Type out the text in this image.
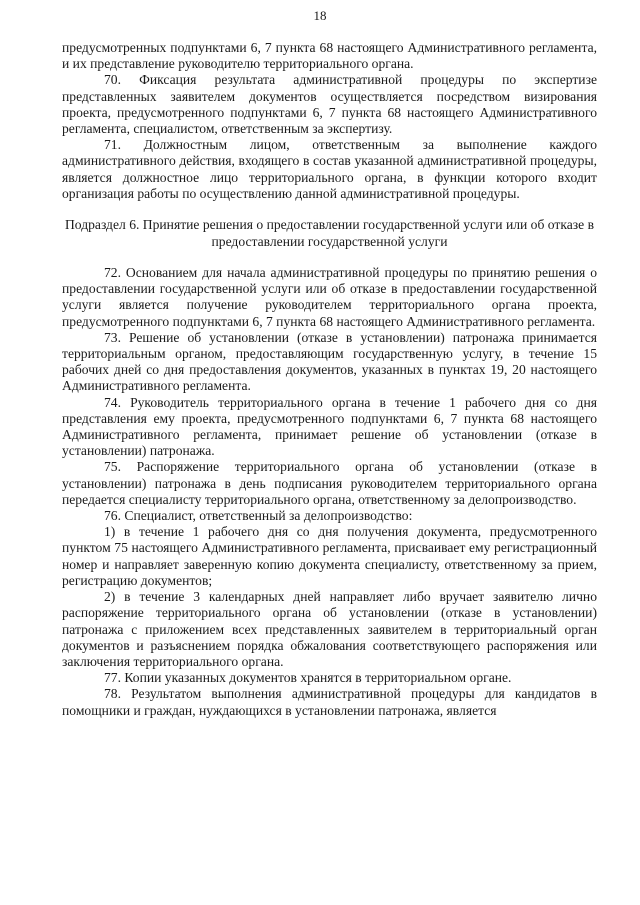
18

предусмотренных подпунктами 6, 7 пункта 68 настоящего Административного регламента, и их представление руководителю территориального органа.

70. Фиксация результата административной процедуры по экспертизе представленных заявителем документов осуществляется посредством визирования проекта, предусмотренного подпунктами 6, 7 пункта 68 настоящего Административного регламента, специалистом, ответственным за экспертизу.

71. Должностным лицом, ответственным за выполнение каждого административного действия, входящего в состав указанной административной процедуры, является должностное лицо территориального органа, в функции которого входит организация работы по осуществлению данной административной процедуры.

Подраздел 6. Принятие решения о предоставлении государственной услуги или об отказе в предоставлении государственной услуги

72. Основанием для начала административной процедуры по принятию решения о предоставлении государственной услуги или об отказе в предоставлении государственной услуги является получение руководителем территориального органа проекта, предусмотренного подпунктами 6, 7 пункта 68 настоящего Административного регламента.

73. Решение об установлении (отказе в установлении) патронажа принимается территориальным органом, предоставляющим государственную услугу, в течение 15 рабочих дней со дня предоставления документов, указанных в пунктах 19, 20 настоящего Административного регламента.

74. Руководитель территориального органа в течение 1 рабочего дня со дня представления ему проекта, предусмотренного подпунктами 6, 7 пункта 68 настоящего Административного регламента, принимает решение об установлении (отказе в установлении) патронажа.

75. Распоряжение территориального органа об установлении (отказе в установлении) патронажа в день подписания руководителем территориального органа передается специалисту территориального органа, ответственному за делопроизводство.

76. Специалист, ответственный за делопроизводство:

1) в течение 1 рабочего дня со дня получения документа, предусмотренного пунктом 75 настоящего Административного регламента, присваивает ему регистрационный номер и направляет заверенную копию документа специалисту, ответственному за прием, регистрацию документов;

2) в течение 3 календарных дней направляет либо вручает заявителю лично распоряжение территориального органа об установлении (отказе в установлении) патронажа с приложением всех представленных заявителем в территориальный орган документов и разъяснением порядка обжалования соответствующего распоряжения или заключения территориального органа.

77. Копии указанных документов хранятся в территориальном органе.

78. Результатом выполнения административной процедуры для кандидатов в помощники и граждан, нуждающихся в установлении патронажа, является
